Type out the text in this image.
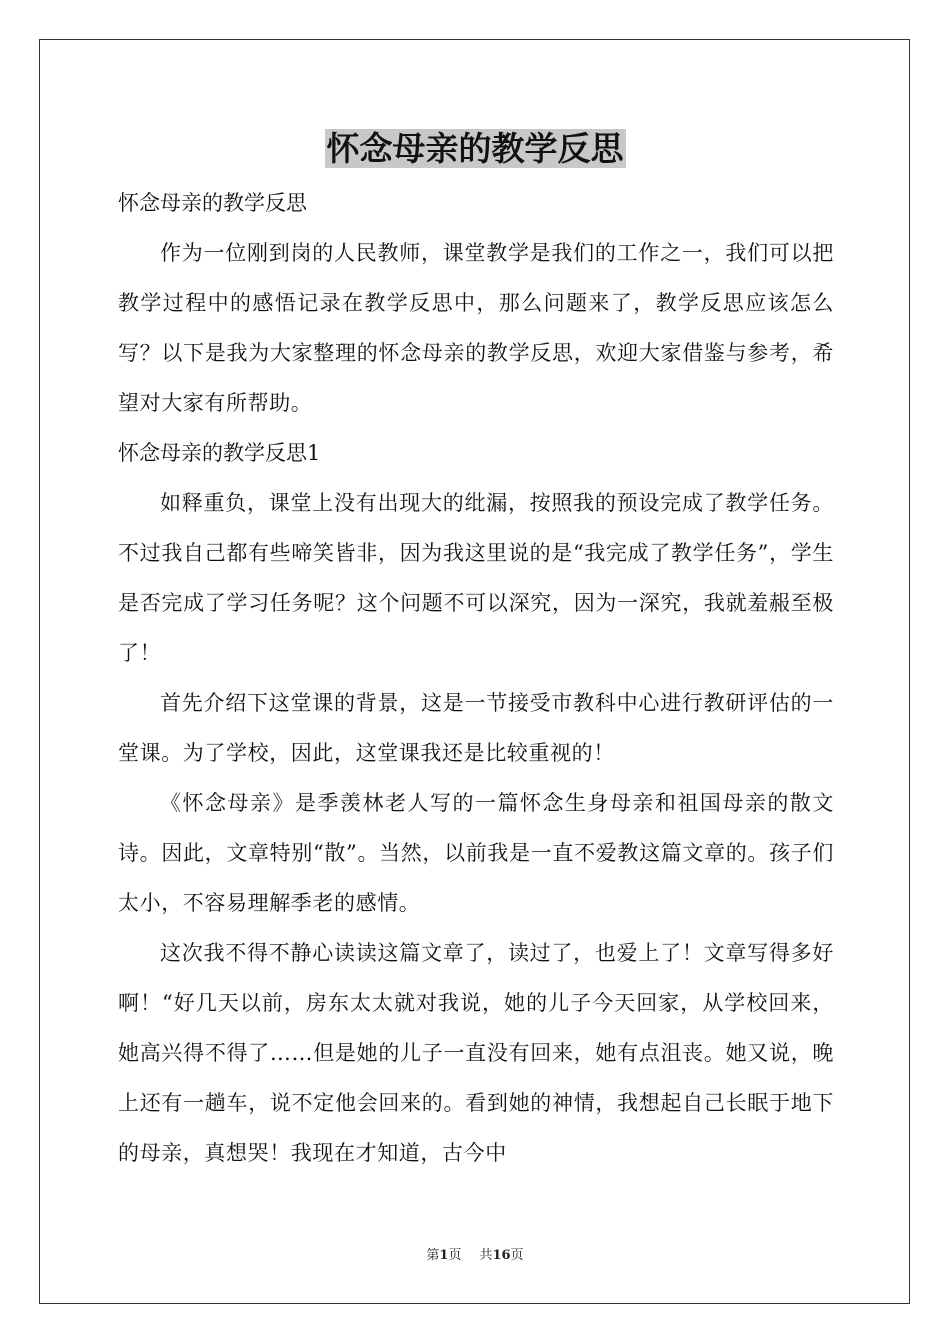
怀念母亲的教学反思

怀念母亲的教学反思

作为一位刚到岗的人民教师，课堂教学是我们的工作之一，我们可以把教学过程中的感悟记录在教学反思中，那么问题来了，教学反思应该怎么写？以下是我为大家整理的怀念母亲的教学反思，欢迎大家借鉴与参考，希望对大家有所帮助。

怀念母亲的教学反思1

如释重负，课堂上没有出现大的纰漏，按照我的预设完成了教学任务。不过我自己都有些啼笑皆非，因为我这里说的是“我完成了教学任务”，学生是否完成了学习任务呢？这个问题不可以深究，因为一深究，我就羞赧至极了！

首先介绍下这堂课的背景，这是一节接受市教科中心进行教研评估的一堂课。为了学校，因此，这堂课我还是比较重视的！

《怀念母亲》是季羡林老人写的一篇怀念生身母亲和祖国母亲的散文诗。因此，文章特别“散”。当然，以前我是一直不爱教这篇文章的。孩子们太小，不容易理解季老的感情。

这次我不得不静心读读这篇文章了，读过了，也爱上了！文章写得多好啊！“好几天以前，房东太太就对我说，她的儿子今天回家，从学校回来，她高兴得不得了……但是她的儿子一直没有回来，她有点沮丧。她又说，晚上还有一趟车，说不定他会回来的。看到她的神情，我想起自己长眠于地下的母亲，真想哭！我现在才知道，古今中

第1页 共16页
